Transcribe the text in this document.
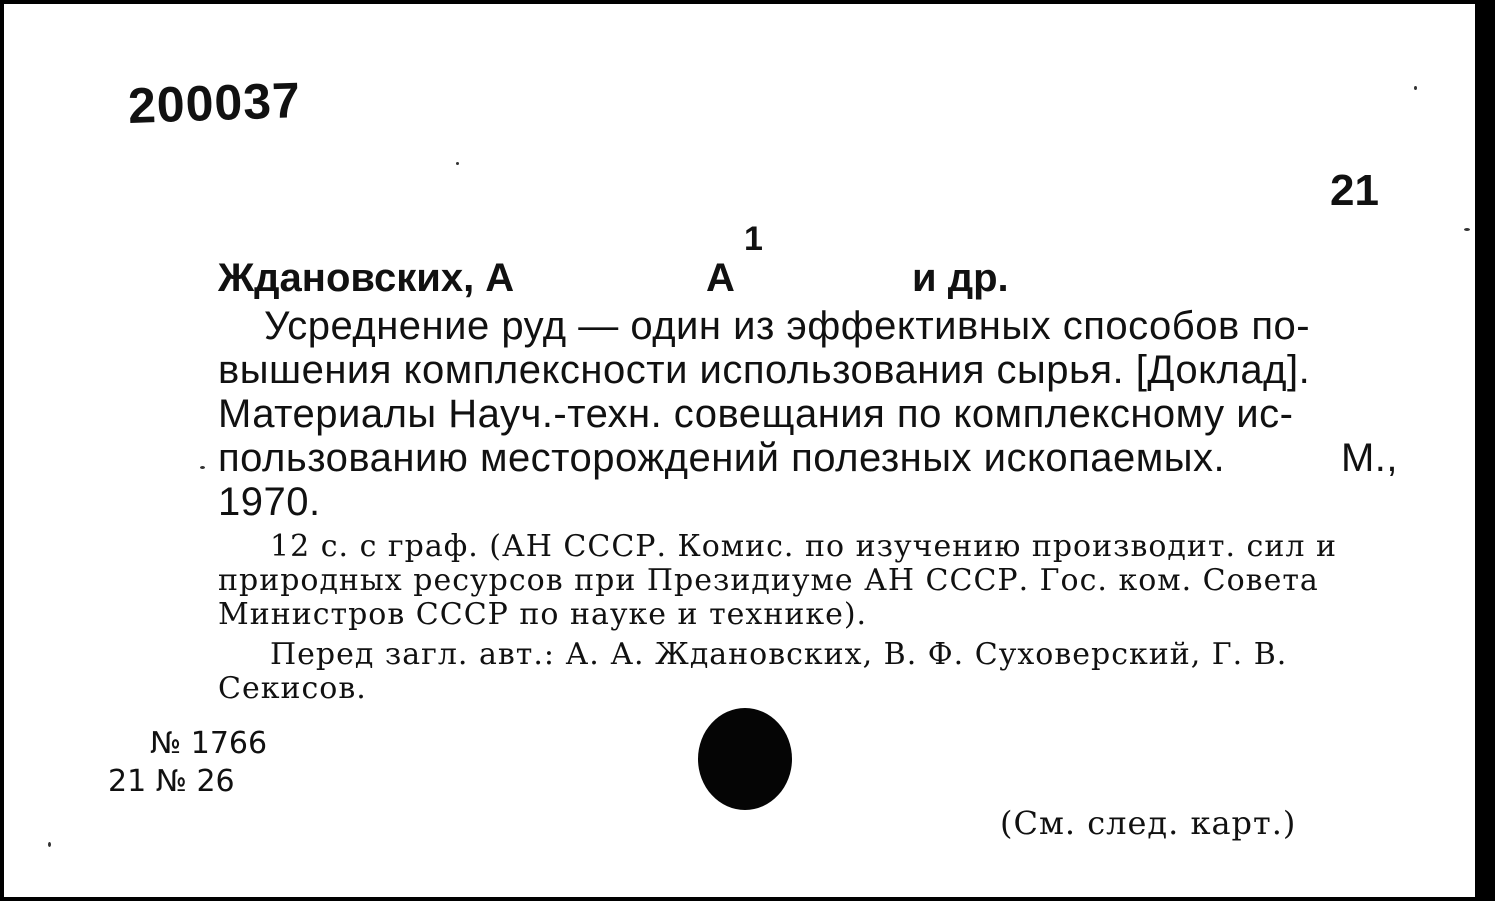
200037
21
1
Ждановских, А	А	и др.
Усреднение руд — один из эффективных способов по-
вышения комплексности использования сырья. [Доклад].
Материалы Науч.-техн. совещания по комплексному ис-
пользованию месторождений полезных ископаемых.	М.,
1970.
12 с. с граф. (АН СССР. Комис. по изучению производит. сил и
природных ресурсов при Президиуме АН СССР. Гос. ком. Совета
Министров СССР по науке и технике).
Перед загл. авт.: А. А. Ждановских, В. Ф. Суховерский, Г. В.
Секисов.
№ 1766
21 № 26
(См. след. карт.)
